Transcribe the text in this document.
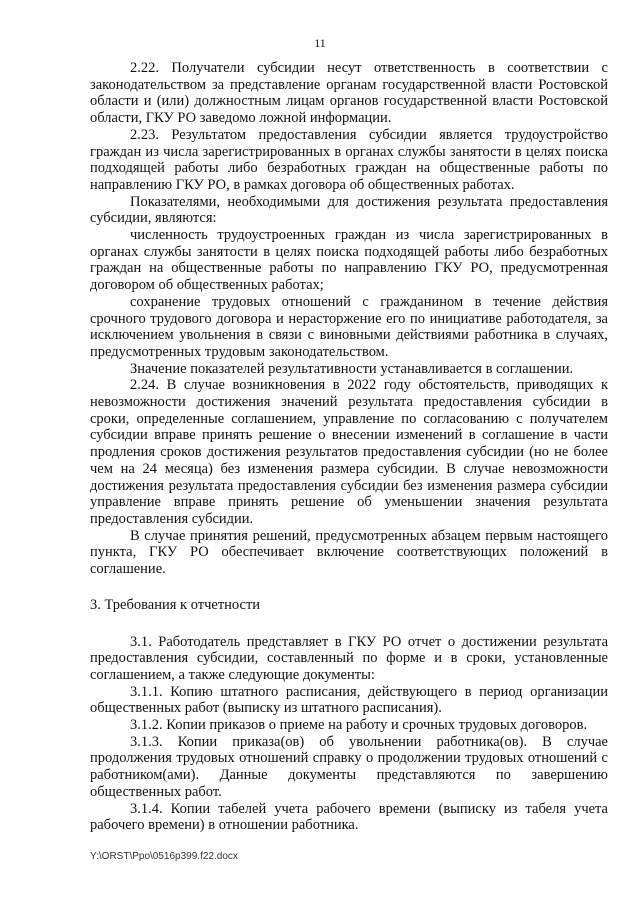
11

2.22. Получатели субсидии несут ответственность в соответствии с законодательством за представление органам государственной власти Ростовской области и (или) должностным лицам органов государственной власти Ростовской области, ГКУ РО заведомо ложной информации.

2.23. Результатом предоставления субсидии является трудоустройство граждан из числа зарегистрированных в органах службы занятости в целях поиска подходящей работы либо безработных граждан на общественные работы по направлению ГКУ РО, в рамках договора об общественных работах.

Показателями, необходимыми для достижения результата предоставления субсидии, являются:

численность трудоустроенных граждан из числа зарегистрированных в органах службы занятости в целях поиска подходящей работы либо безработных граждан на общественные работы по направлению ГКУ РО, предусмотренная договором об общественных работах;

сохранение трудовых отношений с гражданином в течение действия срочного трудового договора и нерасторжение его по инициативе работодателя, за исключением увольнения в связи с виновными действиями работника в случаях, предусмотренных трудовым законодательством.

Значение показателей результативности устанавливается в соглашении.

2.24. В случае возникновения в 2022 году обстоятельств, приводящих к невозможности достижения значений результата предоставления субсидии в сроки, определенные соглашением, управление по согласованию с получателем субсидии вправе принять решение о внесении изменений в соглашение в части продления сроков достижения результатов предоставления субсидии (но не более чем на 24 месяца) без изменения размера субсидии. В случае невозможности достижения результата предоставления субсидии без изменения размера субсидии управление вправе принять решение об уменьшении значения результата предоставления субсидии.

В случае принятия решений, предусмотренных абзацем первым настоящего пункта, ГКУ РО обеспечивает включение соответствующих положений в соглашение.

3. Требования к отчетности

3.1. Работодатель представляет в ГКУ РО отчет о достижении результата предоставления субсидии, составленный по форме и в сроки, установленные соглашением, а также следующие документы:

3.1.1. Копию штатного расписания, действующего в период организации общественных работ (выписку из штатного расписания).

3.1.2. Копии приказов о приеме на работу и срочных трудовых договоров.

3.1.3. Копии приказа(ов) об увольнении работника(ов). В случае продолжения трудовых отношений справку о продолжении трудовых отношений с работником(ами). Данные документы представляются по завершению общественных работ.

3.1.4. Копии табелей учета рабочего времени (выписку из табеля учета рабочего времени) в отношении работника.

Y:\ORST\Ppo\0516p399.f22.docx
